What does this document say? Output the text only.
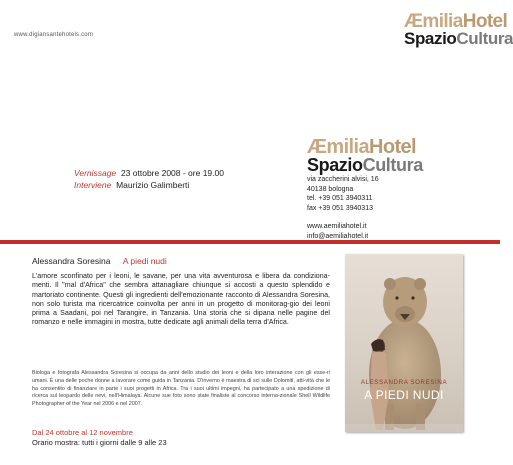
www.digiansantehotels.com
ÆmiliaHotel
SpazioCultura
Vernissage 23 ottobre 2008 - ore 19.00
Interviene Maurizio Galimberti
ÆmiliaHotel
SpazioCultura
via zaccherini alvisi, 16
40138 bologna
tel. +39 051 3940311
fax +39 051 3940313
www.aemiliahotel.it
info@aemiliahotel.it
Alessandra Soresina A piedi nudi
L'amore sconfinato per i leoni, le savane, per una vita avventurosa e libera da condiziona-menti. Il "mal d'Africa" che sembra attanagliare chiunque si accosti a questo splendido e martoriato continente. Questi gli ingredienti dell'emozionante racconto di Alessandra Soresina, non solo turista ma ricercatrice coinvolta per anni in un progetto di monitorag-gio dei leoni prima a Saadani, poi nel Tarangire, in Tanzania. Una storia che si dipana nelle pagine del romanzo e nelle immagini in mostra, tutte dedicate agli animali della terra d'Africa.
Biologa e fotografa Alessandra Soresina si occupa da anni dello studio dei leoni e della loro interazione con gli esse-ri umani. È una delle poche donne a lavorare come guida in Tanzania. D'inverno è maestra di sci sulle Dolomiti, atti-vità che le ha consentito di finanziare in parte i suoi progetti in Africa. Tra i suoi ultimi impegni, ha partecipato a una spedizione di ricerca sul leopardo delle nevi, nell'Himalaya. Alcune sue foto sono state finaliste al concorso interna-zionale Shell Wildlife Photographer of the Year nel 2006 e nel 2007.
Dal 24 ottobre al 12 novembre
Orario mostra: tutti i giorni dalle 9 alle 23
ALESSANDRA SORESINA
A PIEDI NUDI
